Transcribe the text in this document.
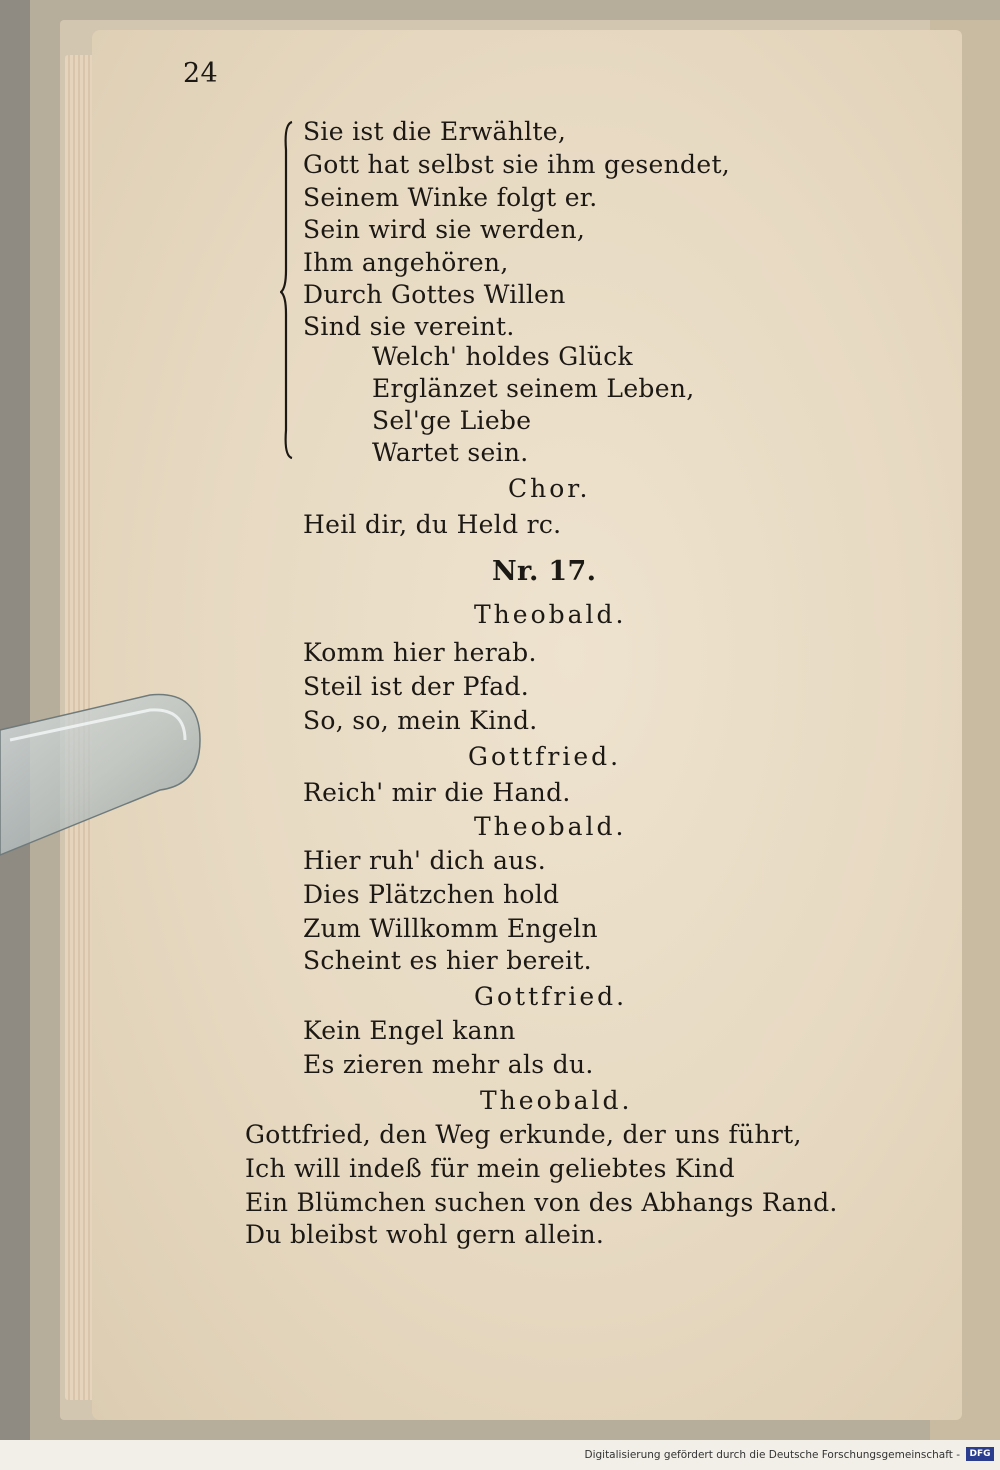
24
Sie ist die Erwählte,
Gott hat selbst sie ihm gesendet,
Seinem Winke folgt er.
Sein wird sie werden,
Ihm angehören,
Durch Gottes Willen
Sind sie vereint.
Welch' holdes Glück
Erglänzet seinem Leben,
Sel'ge Liebe
Wartet sein.
Chor.
Heil dir, du Held rc.
Nr. 17.
Theobald.
Komm hier herab.
Steil ist der Pfad.
So, so, mein Kind.
Gottfried.
Reich' mir die Hand.
Theobald.
Hier ruh' dich aus.
Dies Plätzchen hold
Zum Willkomm Engeln
Scheint es hier bereit.
Gottfried.
Kein Engel kann
Es zieren mehr als du.
Theobald.
Gottfried, den Weg erkunde, der uns führt,
Ich will indeß für mein geliebtes Kind
Ein Blümchen suchen von des Abhangs Rand.
Du bleibst wohl gern allein.
Digitalisierung gefördert durch die Deutsche Forschungsgemeinschaft -	DFG
